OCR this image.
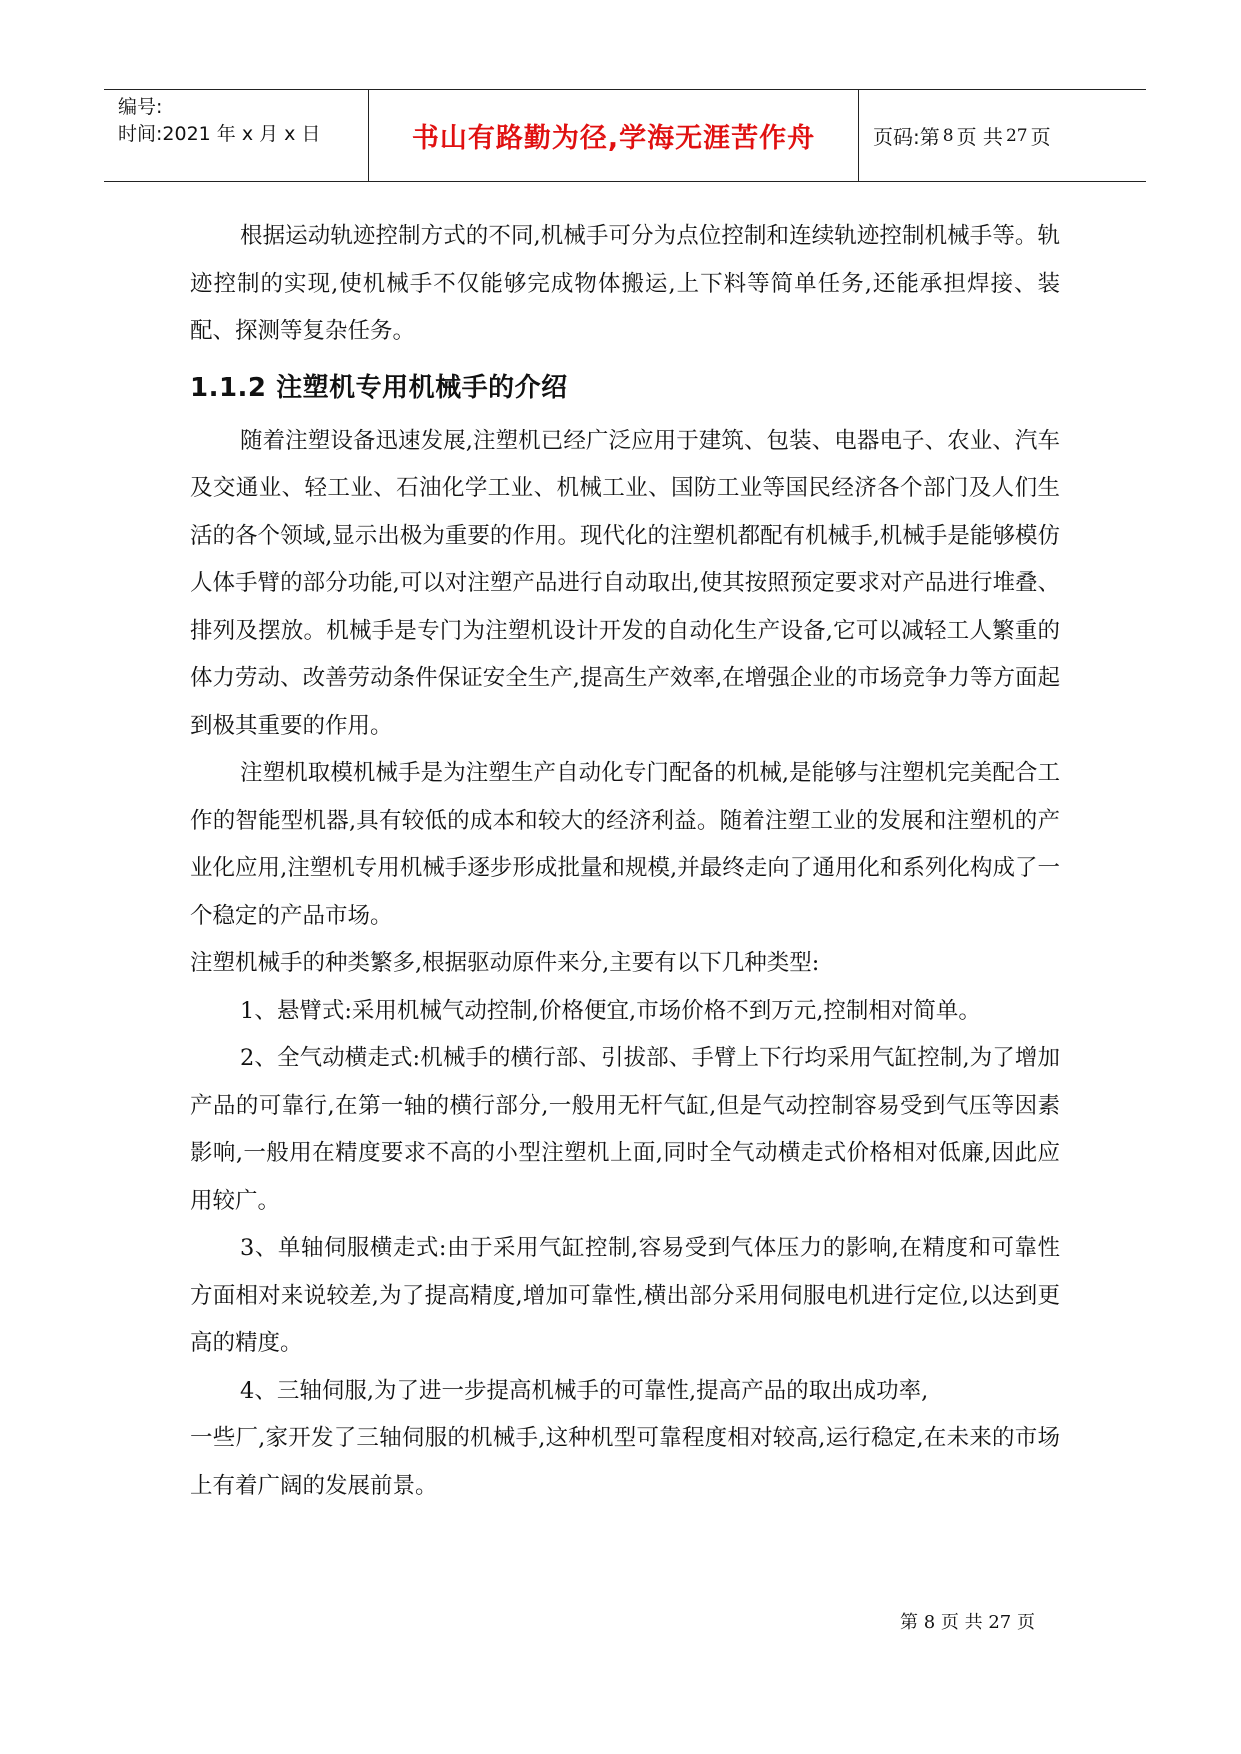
编号:
时间:2021 年 x 月 x 日	书山有路勤为径,学海无涯苦作舟	页码:第 8 页 共 27 页

根据运动轨迹控制方式的不同,机械手可分为点位控制和连续轨迹控制机械手等。轨迹控制的实现,使机械手不仅能够完成物体搬运,上下料等简单任务,还能承担焊接、装配、探测等复杂任务。

1.1.2 注塑机专用机械手的介绍

随着注塑设备迅速发展,注塑机已经广泛应用于建筑、包装、电器电子、农业、汽车及交通业、轻工业、石油化学工业、机械工业、国防工业等国民经济各个部门及人们生活的各个领域,显示出极为重要的作用。现代化的注塑机都配有机械手,机械手是能够模仿人体手臂的部分功能,可以对注塑产品进行自动取出,使其按照预定要求对产品进行堆叠、排列及摆放。机械手是专门为注塑机设计开发的自动化生产设备,它可以减轻工人繁重的体力劳动、改善劳动条件保证安全生产,提高生产效率,在增强企业的市场竞争力等方面起到极其重要的作用。

注塑机取模机械手是为注塑生产自动化专门配备的机械,是能够与注塑机完美配合工作的智能型机器,具有较低的成本和较大的经济利益。随着注塑工业的发展和注塑机的产业化应用,注塑机专用机械手逐步形成批量和规模,并最终走向了通用化和系列化构成了一个稳定的产品市场。

注塑机械手的种类繁多,根据驱动原件来分,主要有以下几种类型:

1、悬臂式:采用机械气动控制,价格便宜,市场价格不到万元,控制相对简单。

2、全气动横走式:机械手的横行部、引拔部、手臂上下行均采用气缸控制,为了增加产品的可靠行,在第一轴的横行部分,一般用无杆气缸,但是气动控制容易受到气压等因素影响,一般用在精度要求不高的小型注塑机上面,同时全气动横走式价格相对低廉,因此应用较广。

3、单轴伺服横走式:由于采用气缸控制,容易受到气体压力的影响,在精度和可靠性方面相对来说较差,为了提高精度,增加可靠性,横出部分采用伺服电机进行定位,以达到更高的精度。

4、三轴伺服,为了进一步提高机械手的可靠性,提高产品的取出成功率,

一些厂,家开发了三轴伺服的机械手,这种机型可靠程度相对较高,运行稳定,在未来的市场上有着广阔的发展前景。

第 8 页 共 27 页
